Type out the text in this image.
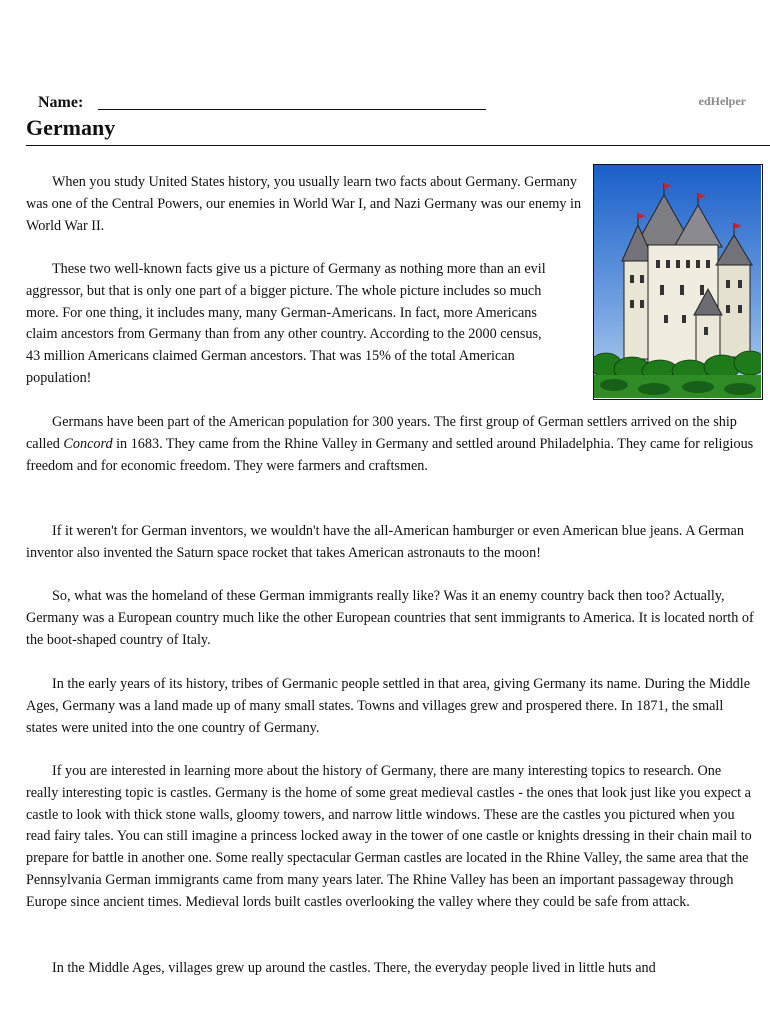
Name:	edHelper
Germany

When you study United States history, you usually learn two facts about Germany. Germany was one of the Central Powers, our enemies in World War I, and Nazi Germany was our enemy in World War II.

These two well-known facts give us a picture of Germany as nothing more than an evil aggressor, but that is only one part of a bigger picture. The whole picture includes so much more. For one thing, it includes many, many German-Americans. In fact, more Americans claim ancestors from Germany than from any other country. According to the 2000 census, 43 million Americans claimed German ancestors. That was 15% of the total American population!

Germans have been part of the American population for 300 years. The first group of German settlers arrived on the ship called Concord in 1683. They came from the Rhine Valley in Germany and settled around Philadelphia. They came for religious freedom and for economic freedom. They were farmers and craftsmen.

If it weren't for German inventors, we wouldn't have the all-American hamburger or even American blue jeans. A German inventor also invented the Saturn space rocket that takes American astronauts to the moon!

So, what was the homeland of these German immigrants really like? Was it an enemy country back then too? Actually, Germany was a European country much like the other European countries that sent immigrants to America. It is located north of the boot-shaped country of Italy.

In the early years of its history, tribes of Germanic people settled in that area, giving Germany its name. During the Middle Ages, Germany was a land made up of many small states. Towns and villages grew and prospered there. In 1871, the small states were united into the one country of Germany.

If you are interested in learning more about the history of Germany, there are many interesting topics to research. One really interesting topic is castles. Germany is the home of some great medieval castles - the ones that look just like you expect a castle to look with thick stone walls, gloomy towers, and narrow little windows. These are the castles you pictured when you read fairy tales. You can still imagine a princess locked away in the tower of one castle or knights dressing in their chain mail to prepare for battle in another one. Some really spectacular German castles are located in the Rhine Valley, the same area that the Pennsylvania German immigrants came from many years later. The Rhine Valley has been an important passageway through Europe since ancient times. Medieval lords built castles overlooking the valley where they could be safe from attack.

In the Middle Ages, villages grew up around the castles. There, the everyday people lived in little huts and
